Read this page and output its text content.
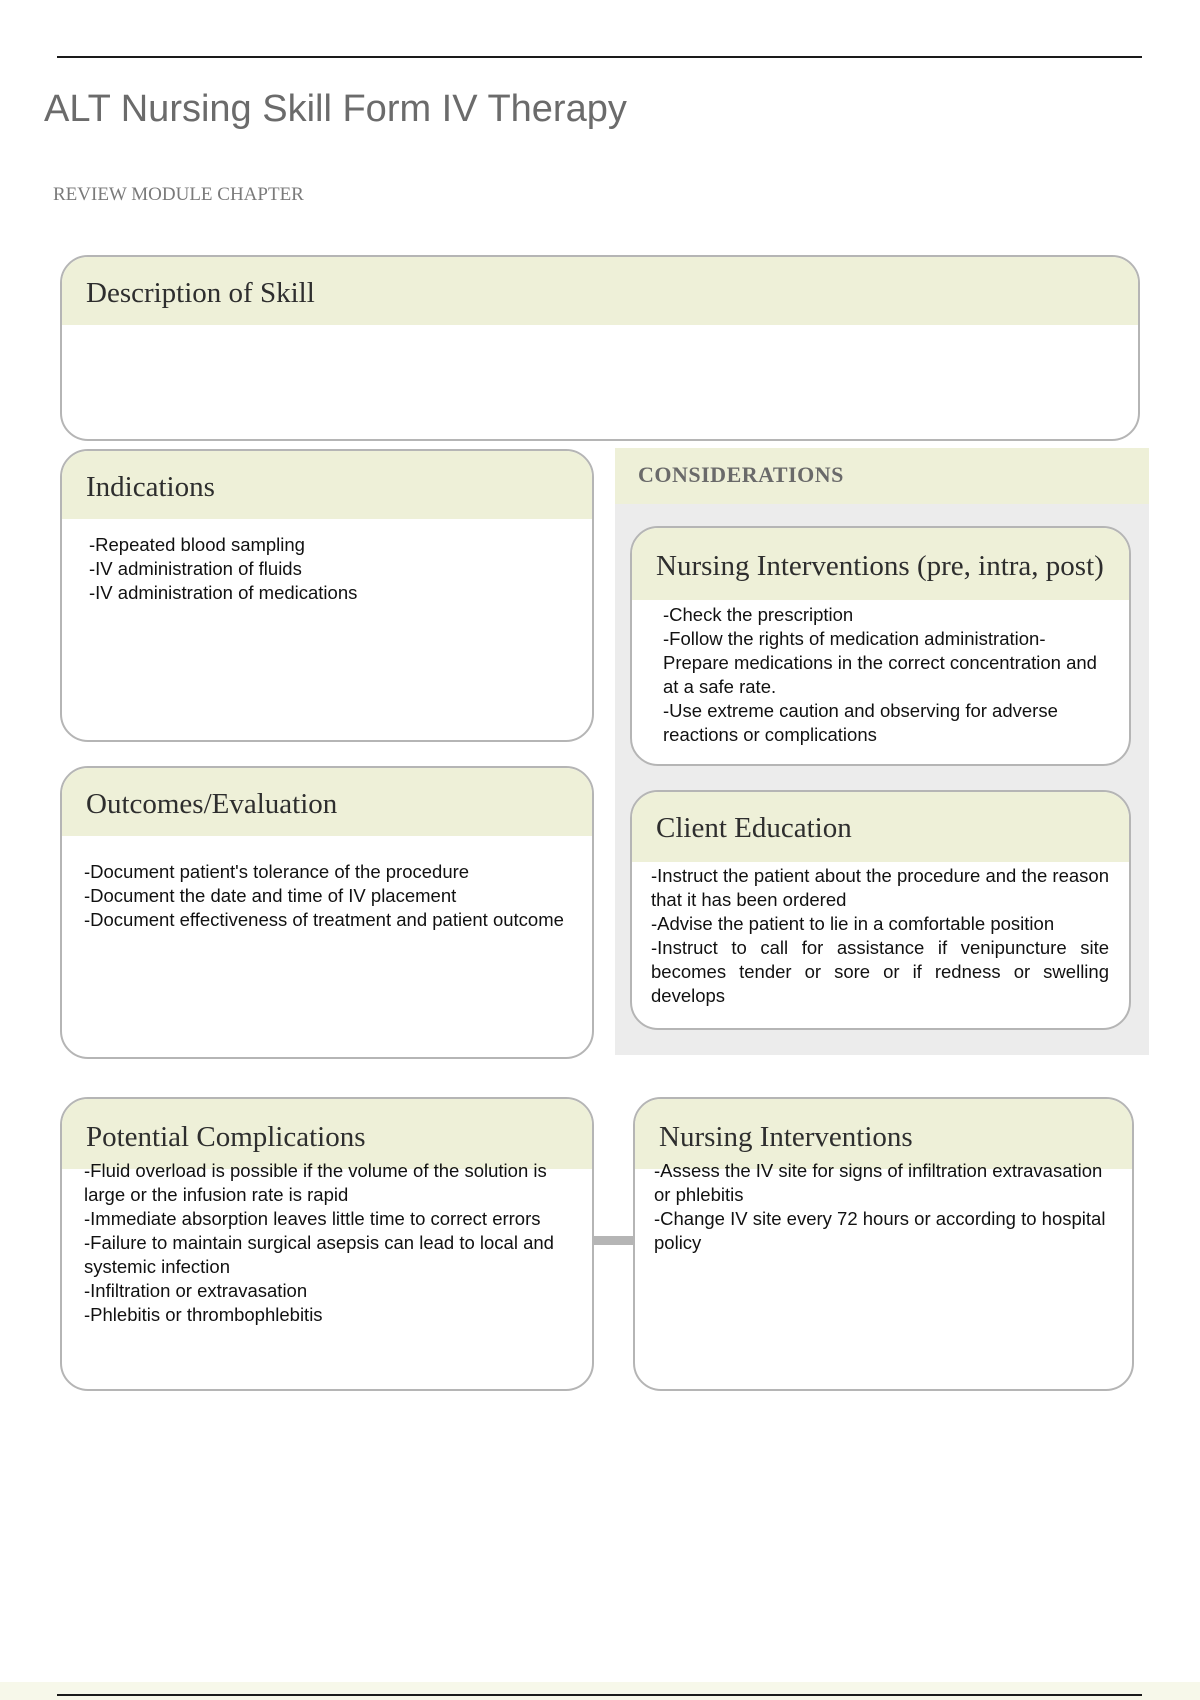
ALT Nursing Skill Form IV Therapy
REVIEW MODULE CHAPTER
Description of Skill
Indications
-Repeated blood sampling
-IV administration of fluids
-IV administration of medications
Outcomes/Evaluation
-Document patient's tolerance of the procedure
-Document the date and time of IV placement
-Document effectiveness of treatment and patient outcome
CONSIDERATIONS
Nursing Interventions (pre, intra, post)
-Check the prescription
-Follow the rights of medication administration- Prepare medications in the correct concentration and at a safe rate.
-Use extreme caution and observing for adverse reactions or complications
Client Education
-Instruct the patient about the procedure and the reason that it has been ordered
-Advise the patient to lie in a comfortable position
-Instruct to call for assistance if venipuncture site becomes tender or sore or if redness or swelling develops
Potential Complications
-Fluid overload is possible if the volume of the solution is large or the infusion rate is rapid
-Immediate absorption leaves little time to correct errors
-Failure to maintain surgical asepsis can lead to local and systemic infection
-Infiltration or extravasation
-Phlebitis or thrombophlebitis
Nursing Interventions
-Assess the IV site for signs of infiltration extravasation or phlebitis
-Change IV site every 72 hours or according to hospital policy
